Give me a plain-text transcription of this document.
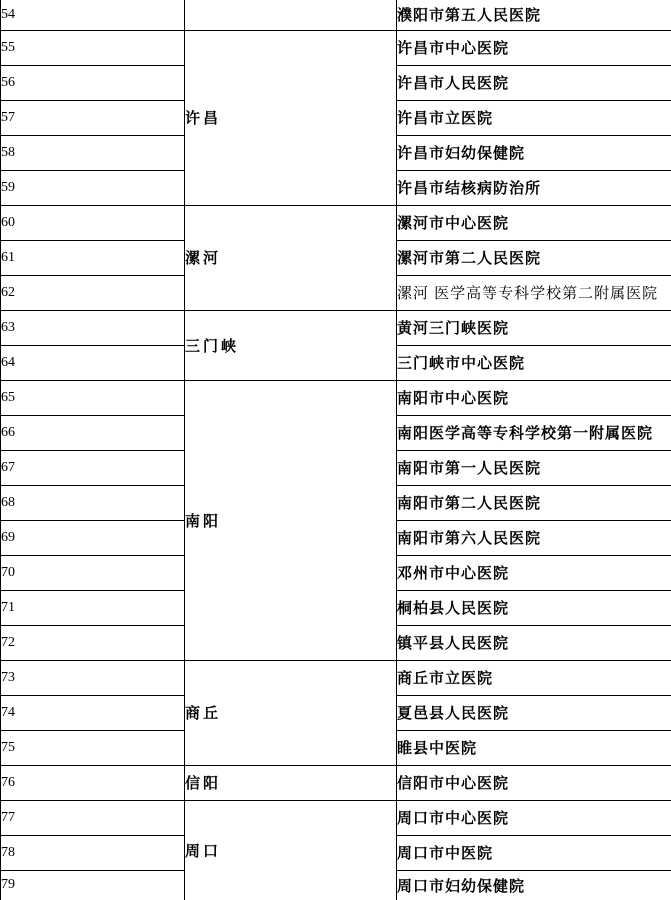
54		濮阳市第五人民医院
55	许昌	许昌市中心医院
56		许昌市人民医院
57		许昌市立医院
58		许昌市妇幼保健院
59		许昌市结核病防治所
60	漯河	漯河市中心医院
61		漯河市第二人民医院
62		漯河 医学高等专科学校第二附属医院
63	三门峡	黄河三门峡医院
64		三门峡市中心医院
65	南阳	南阳市中心医院
66		南阳医学高等专科学校第一附属医院
67		南阳市第一人民医院
68		南阳市第二人民医院
69		南阳市第六人民医院
70		邓州市中心医院
71		桐柏县人民医院
72		镇平县人民医院
73	商丘	商丘市立医院
74		夏邑县人民医院
75		睢县中医院
76	信阳	信阳市中心医院
77	周口	周口市中心医院
78		周口市中医院
79		周口市妇幼保健院
